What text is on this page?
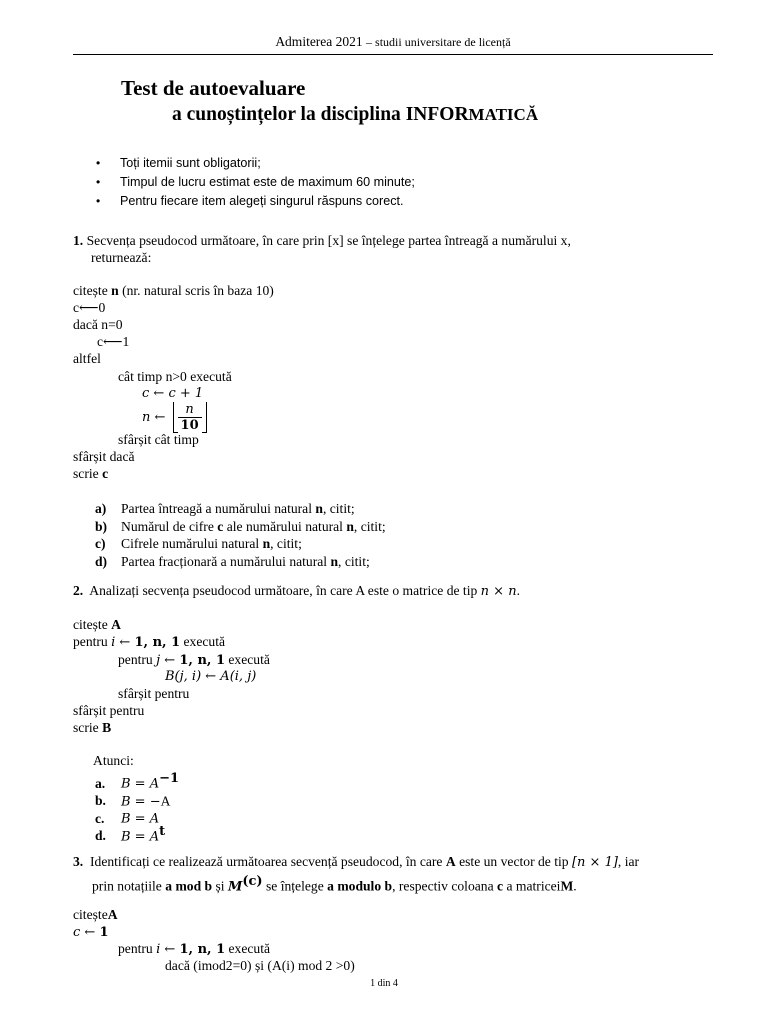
Admiterea 2021 – studii universitare de licență
Test de autoevaluare
a cunoștințelor la disciplina INFORMATICĂ
• Toți itemii sunt obligatorii;
• Timpul de lucru estimat este de maximum 60 minute;
• Pentru fiecare item alegeți singurul răspuns corect.
1. Secvența pseudocod următoare, în care prin [x] se înțelege partea întreagă a numărului x,
returnează:
citește n (nr. natural scris în baza 10)
c⟵0
dacă n=0
c⟵1
altfel
cât timp n>0 execută
c ← c + 1
n ← $\frac{n}{10}$
sfârșit cât timp
sfârșit dacă
scrie c
a) Partea întreagă a numărului natural n, citit;
b) Numărul de cifre c ale numărului natural n, citit;
c) Cifrele numărului natural n, citit;
d) Partea fracționară a numărului natural n, citit;
2. Analizați secvența pseudocod următoare, în care A este o matrice de tip n × n.
citește A
pentru i ← 1, n, 1 execută
pentru j ← 1, n, 1 execută
B(j, i) ← A(i, j)
sfârșit pentru
sfârșit pentru
scrie B
Atunci:
a. $B = A^{-1}$
b. B = −A
c. B = A
d. $B = A^t$
3. Identificați ce realizează următoarea secvență pseudocod, în care A este un vector de tip [n × 1], iar
prin notațiile a mod b și $M^{(c)}$ se înțelege a modulo b, respectiv coloana c a matriceiM.
citeșteA
c ← 1
pentru i ← 1, n, 1 execută
dacă (imod2=0) și (A(i) mod 2 >0)
1 din 4
